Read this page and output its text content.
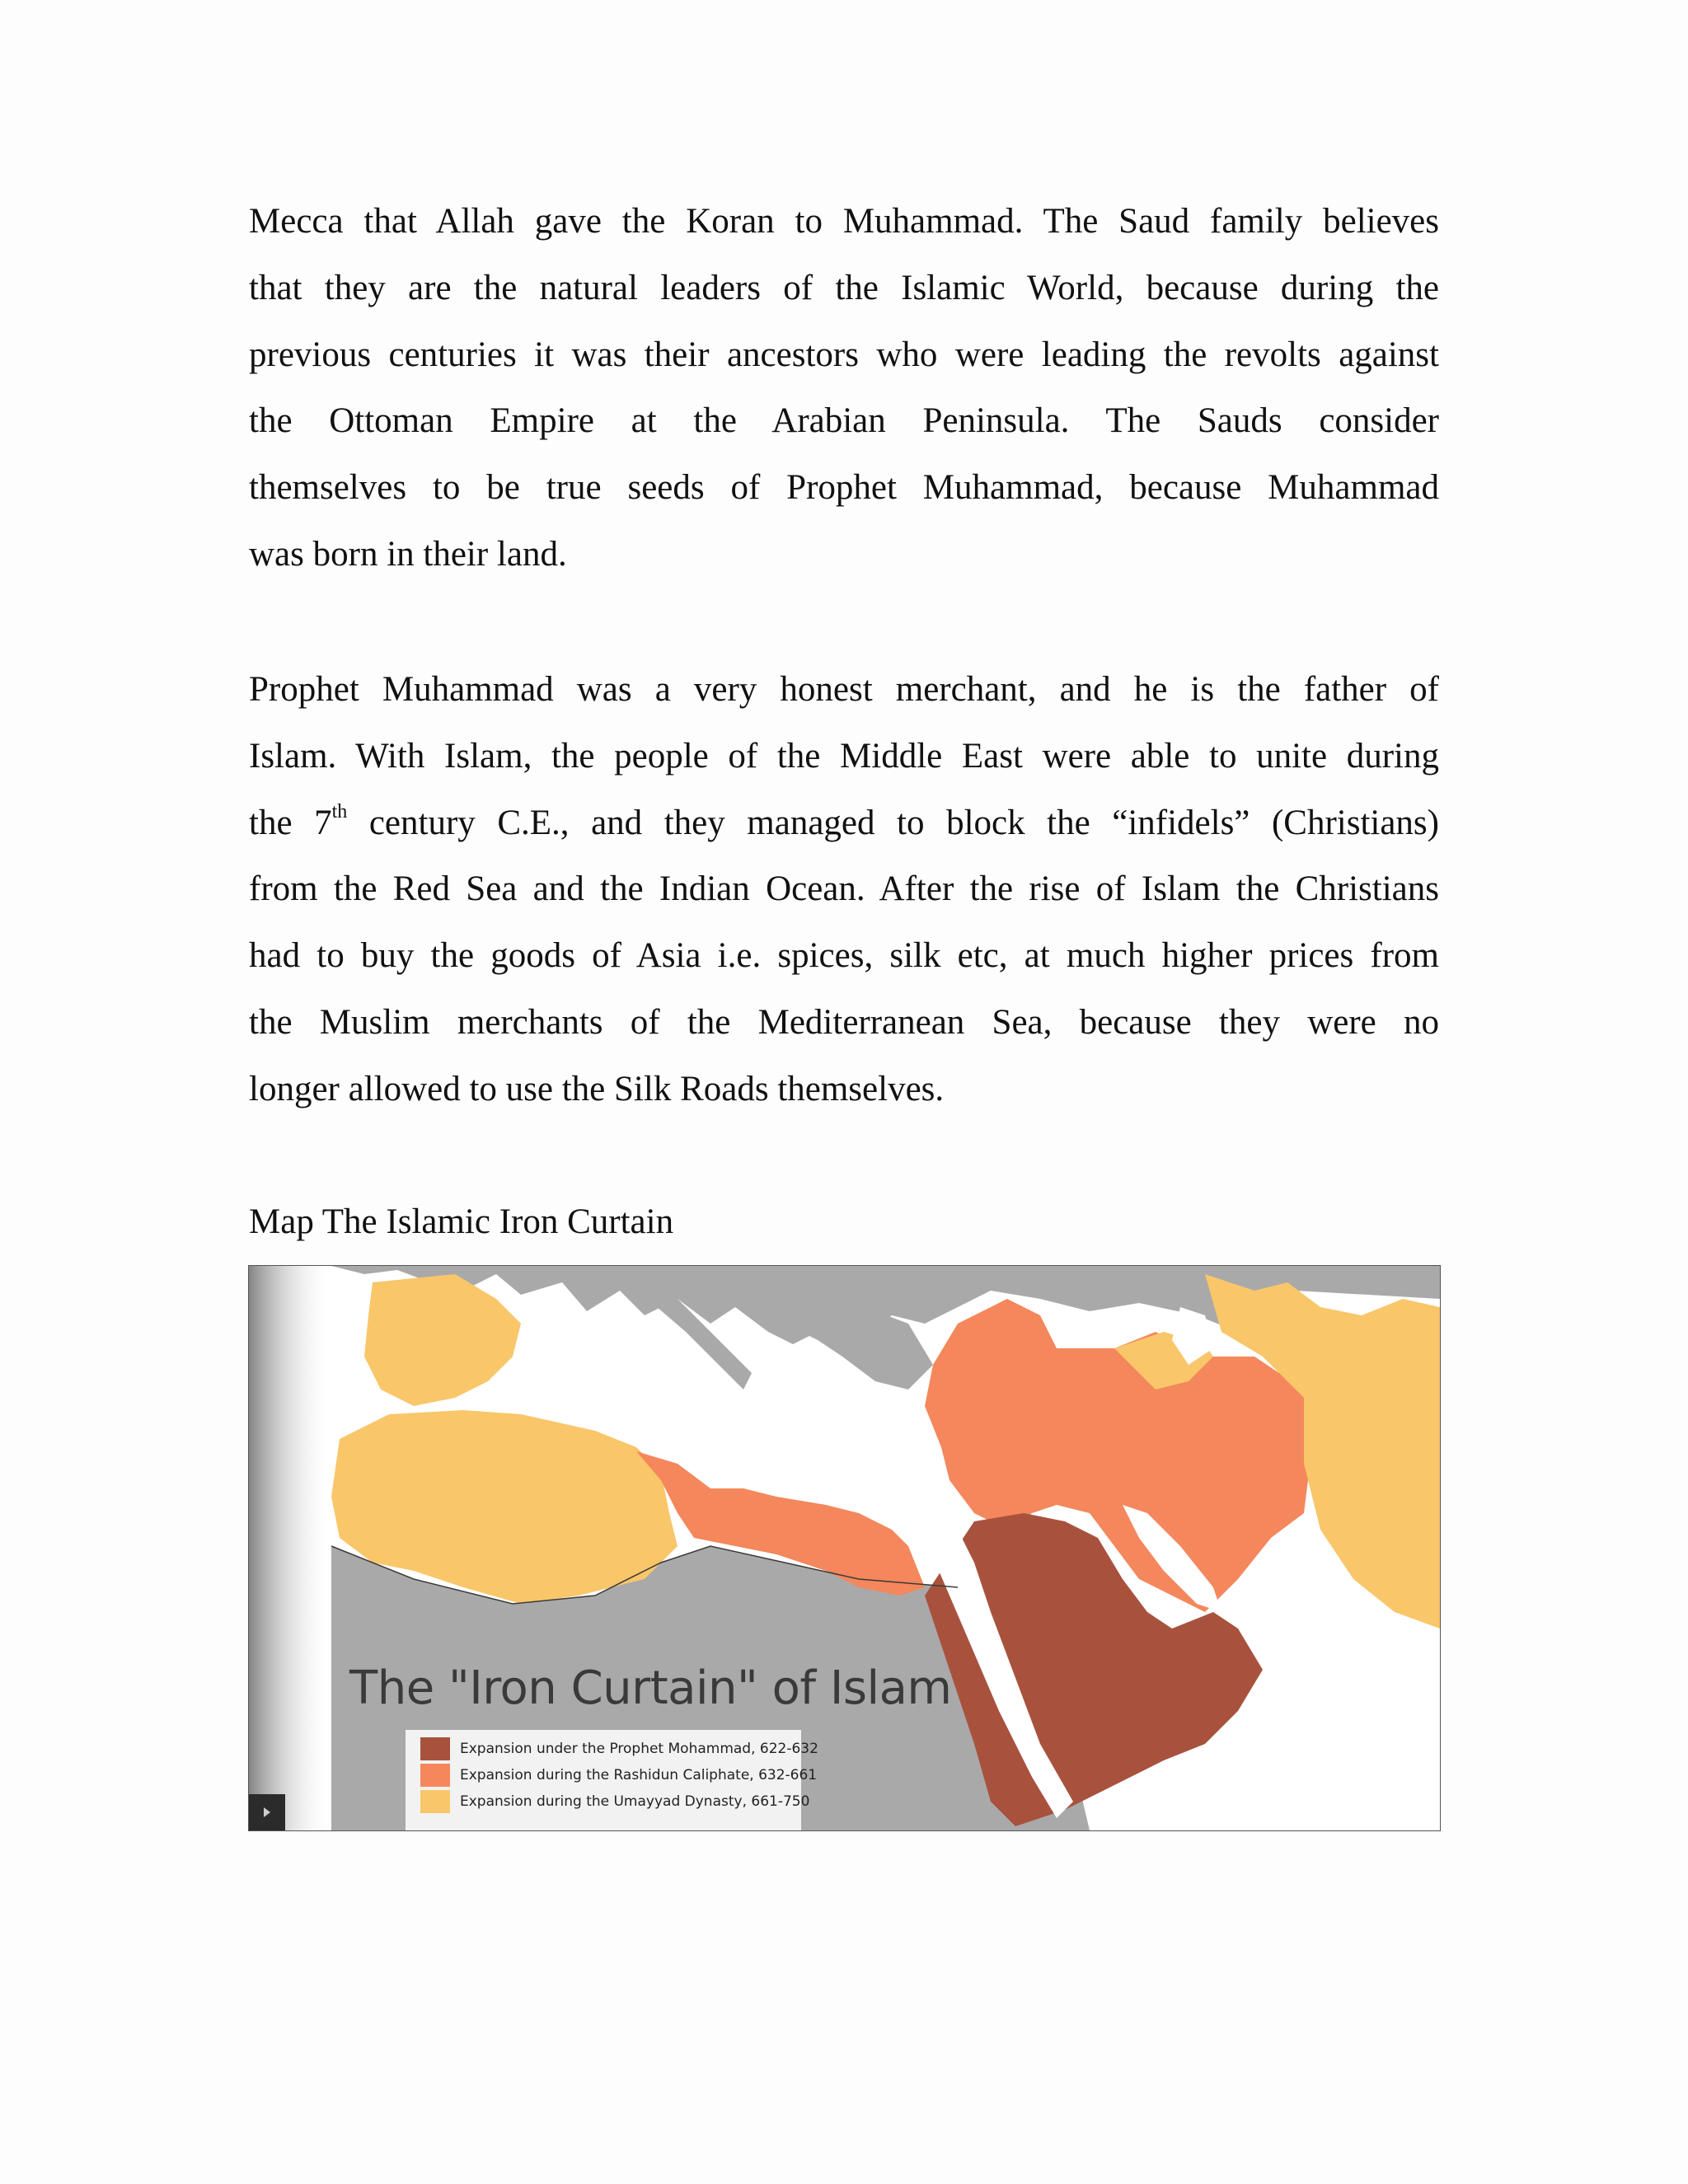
Mecca that Allah gave the Koran to Muhammad. The Saud family believes
that they are the natural leaders of the Islamic World, because during the
previous centuries it was their ancestors who were leading the revolts against
the Ottoman Empire at the Arabian Peninsula. The Sauds consider
themselves to be true seeds of Prophet Muhammad, because Muhammad
was born in their land.

Prophet Muhammad was a very honest merchant, and he is the father of
Islam. With Islam, the people of the Middle East were able to unite during
the 7th century C.E., and they managed to block the “infidels” (Christians)
from the Red Sea and the Indian Ocean. After the rise of Islam the Christians
had to buy the goods of Asia i.e. spices, silk etc, at much higher prices from
the Muslim merchants of the Mediterranean Sea, because they were no
longer allowed to use the Silk Roads themselves.

Map The Islamic Iron Curtain

The "Iron Curtain" of Islam
Expansion under the Prophet Mohammad, 622-632
Expansion during the Rashidun Caliphate, 632-661
Expansion during the Umayyad Dynasty, 661-750
